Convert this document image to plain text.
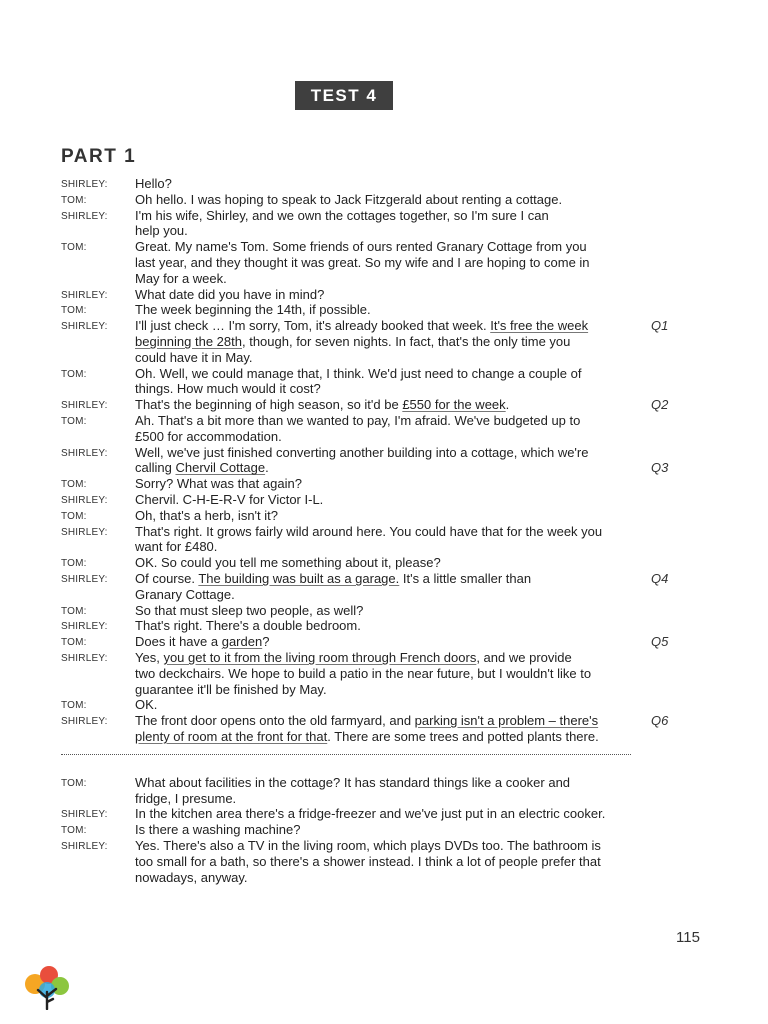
TEST 4
PART 1
SHIRLEY: Hello?
TOM:	Oh hello. I was hoping to speak to Jack Fitzgerald about renting a cottage.
SHIRLEY: I'm his wife, Shirley, and we own the cottages together, so I'm sure I can
help you.
TOM:	Great. My name's Tom. Some friends of ours rented Granary Cottage from you
last year, and they thought it was great. So my wife and I are hoping to come in
May for a week.
SHIRLEY: What date did you have in mind?
TOM:	The week beginning the 14th, if possible.
SHIRLEY: I'll just check … I'm sorry, Tom, it's already booked that week. It's free the week	Q1
beginning the 28th, though, for seven nights. In fact, that's the only time you
could have it in May.
TOM:	Oh. Well, we could manage that, I think. We'd just need to change a couple of
things. How much would it cost?
SHIRLEY: That's the beginning of high season, so it'd be £550 for the week.	Q2
TOM:	Ah. That's a bit more than we wanted to pay, I'm afraid. We've budgeted up to
£500 for accommodation.
SHIRLEY: Well, we've just finished converting another building into a cottage, which we're
calling Chervil Cottage.	Q3
TOM:	Sorry? What was that again?
SHIRLEY: Chervil. C-H-E-R-V for Victor I-L.
TOM:	Oh, that's a herb, isn't it?
SHIRLEY: That's right. It grows fairly wild around here. You could have that for the week you
want for £480.
TOM:	OK. So could you tell me something about it, please?
SHIRLEY: Of course. The building was built as a garage. It's a little smaller than	Q4
Granary Cottage.
TOM:	So that must sleep two people, as well?
SHIRLEY: That's right. There's a double bedroom.
TOM:	Does it have a garden?	Q5
SHIRLEY: Yes, you get to it from the living room through French doors, and we provide
two deckchairs. We hope to build a patio in the near future, but I wouldn't like to
guarantee it'll be finished by May.
TOM:	OK.
SHIRLEY: The front door opens onto the old farmyard, and parking isn't a problem – there's	Q6
plenty of room at the front for that. There are some trees and potted plants there.
TOM:	What about facilities in the cottage? It has standard things like a cooker and
fridge, I presume.
SHIRLEY: In the kitchen area there's a fridge-freezer and we've just put in an electric cooker.
TOM:	Is there a washing machine?
SHIRLEY: Yes. There's also a TV in the living room, which plays DVDs too. The bathroom is
too small for a bath, so there's a shower instead. I think a lot of people prefer that
nowadays, anyway.
115
